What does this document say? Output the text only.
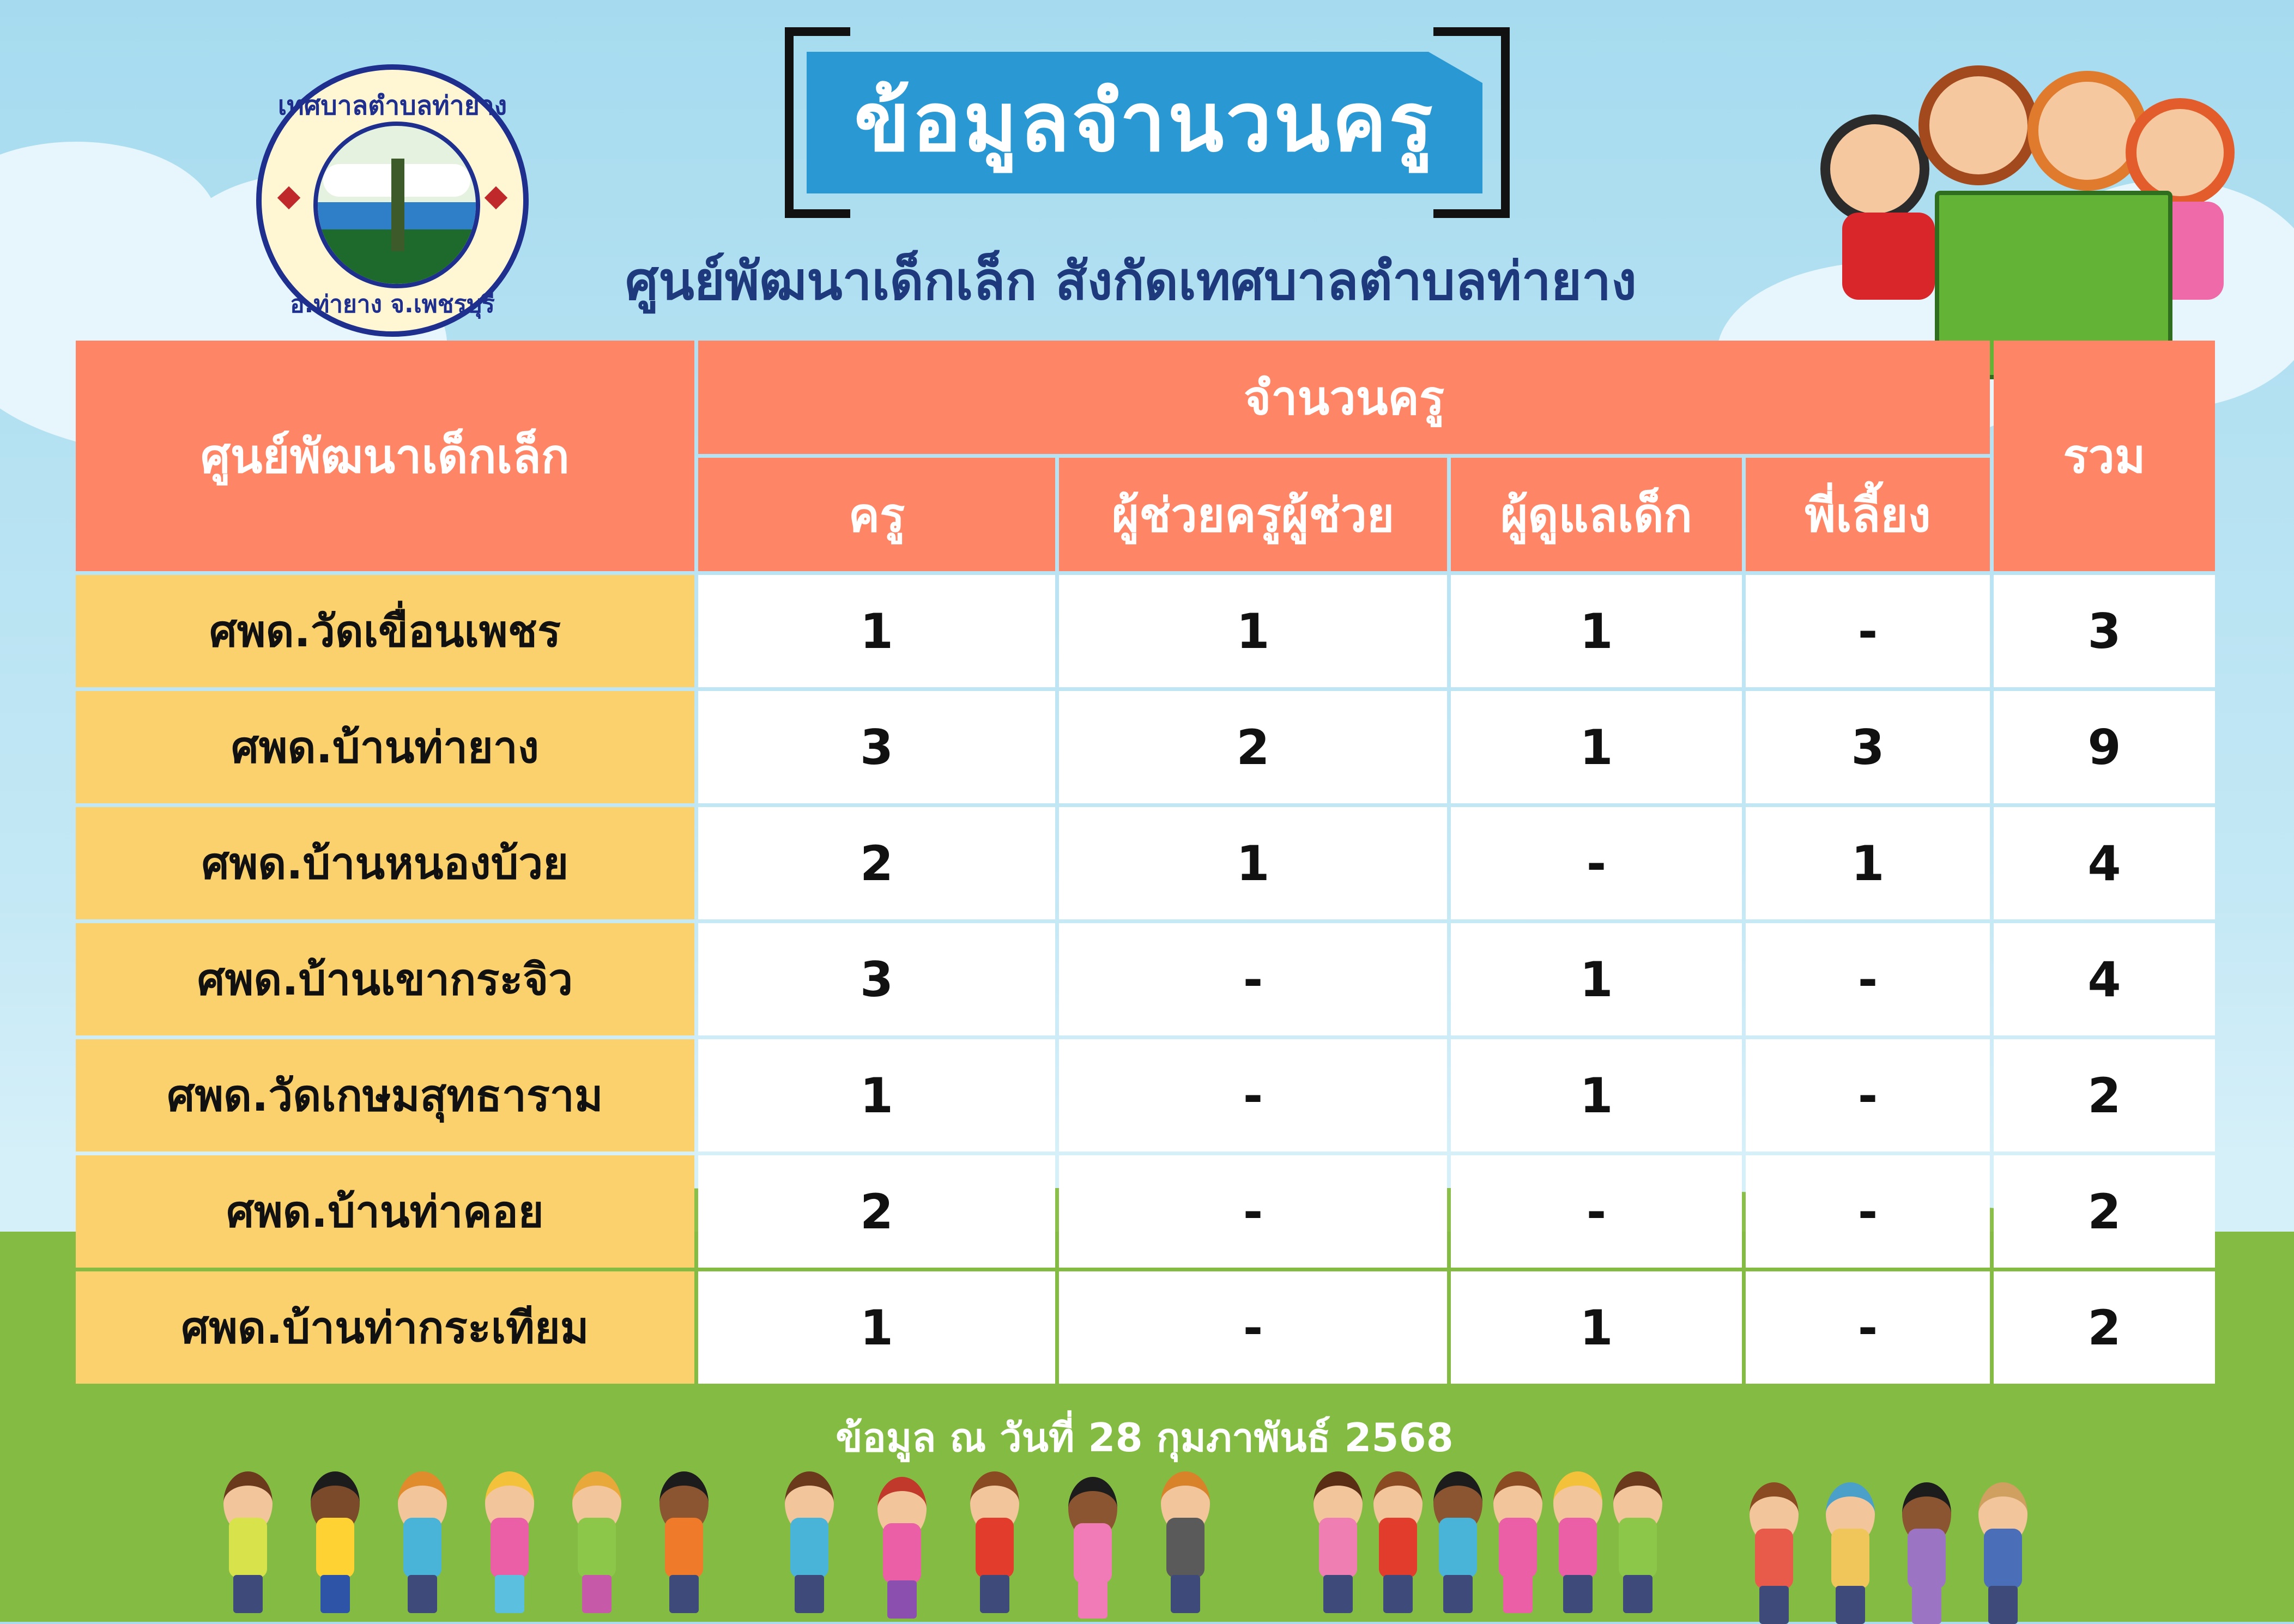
เทศบาลตำบลท่ายาง
อ.ท่ายาง จ.เพชรบุรี
ข้อมูลจำนวนครู
ศูนย์พัฒนาเด็กเล็ก สังกัดเทศบาลตำบลท่ายาง
ศูนย์พัฒนาเด็กเล็ก	จำนวนครู				รวม
	ครู	ผู้ช่วยครูผู้ช่วย	ผู้ดูแลเด็ก	พี่เลี้ยง	
ศพด.วัดเขื่อนเพชร	1	1	1	-	3
ศพด.บ้านท่ายาง	3	2	1	3	9
ศพด.บ้านหนองบ้วย	2	1	-	1	4
ศพด.บ้านเขากระจิว	3	-	1	-	4
ศพด.วัดเกษมสุทธาราม	1	-	1	-	2
ศพด.บ้านท่าคอย	2	-	-	-	2
ศพด.บ้านท่ากระเทียม	1	-	1	-	2
ข้อมูล ณ วันที่ 28 กุมภาพันธ์ 2568
